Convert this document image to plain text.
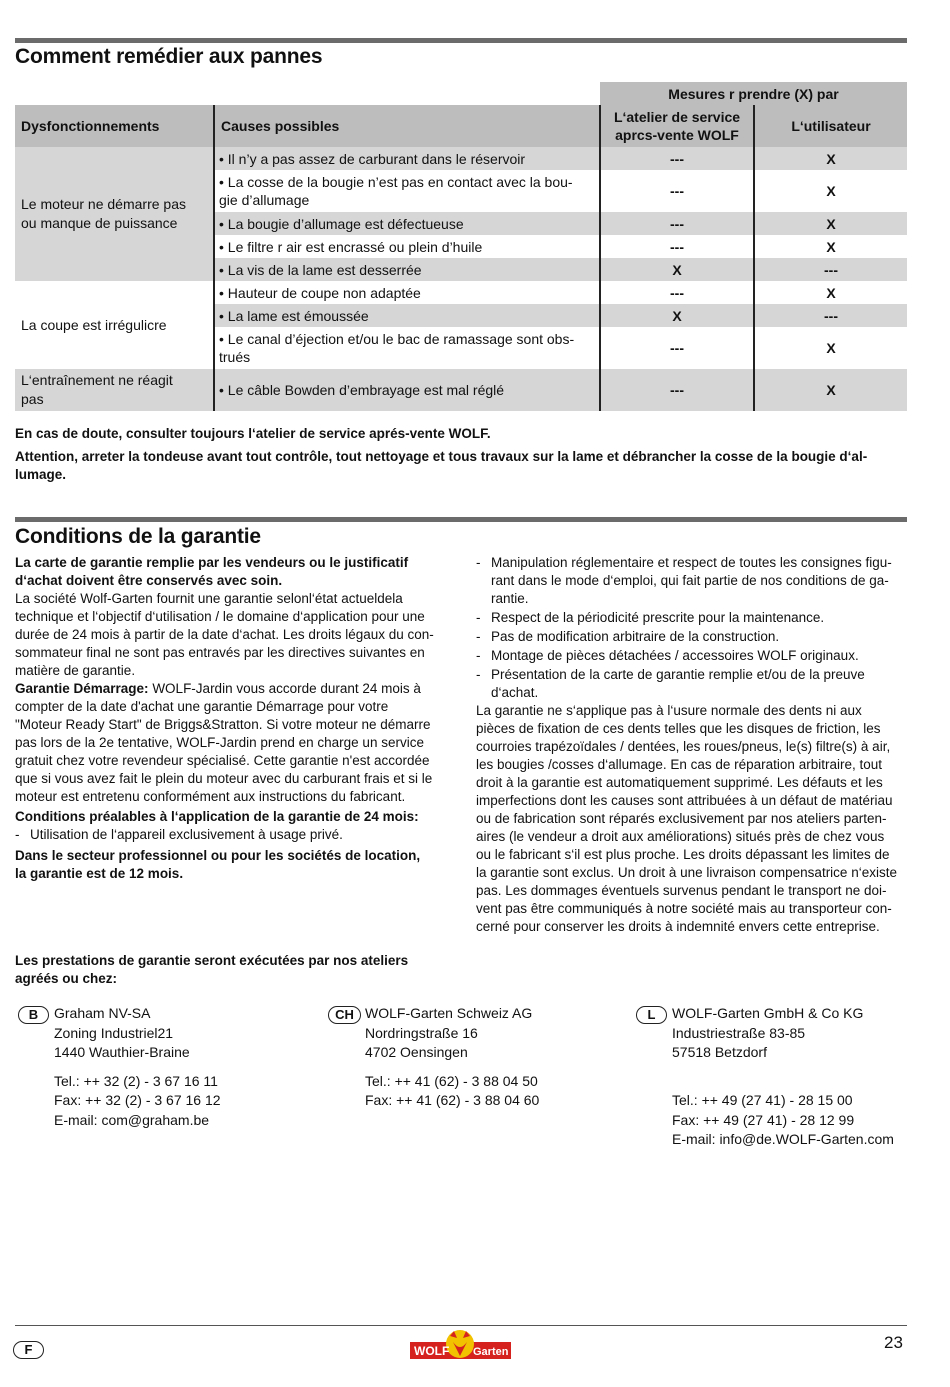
Comment remédier aux pannes
		Mesures r prendre (X) par	
Dysfonctionnements	Causes possibles	L‘atelier de service
aprcs-vente WOLF	L‘utilisateur
Le moteur ne démarre pas
ou manque de puissance	• Il n’y a pas assez de carburant dans le réservoir	---	X
	• La cosse de la bougie n’est pas en contact avec la bou-
gie d’allumage	---	X
	• La bougie d’allumage est défectueuse	---	X
	• Le filtre r air est encrassé ou plein d’huile	---	X
	• La vis de la lame est desserrée	X	---

La coupe est irrégulicre	• Hauteur de coupe non adaptée	---	X
	• La lame est émoussée	X	---
	• Le canal d’éjection et/ou le bac de ramassage sont obs-
trués	---	X
L‘entraînement ne réagit
pas	• Le câble Bowden d’embrayage est mal réglé	---	X

En cas de doute, consulter toujours l‘atelier de service aprés-vente WOLF.

Attention, arreter la tondeuse avant tout contrôle, tout nettoyage et tous travaux sur la lame et débrancher la cosse de la bougie d‘al-
lumage.

Conditions de la garantie

La carte de garantie remplie par les vendeurs ou le justificatif
d‘achat doivent être conservés avec soin.

La société Wolf-Garten fournit une garantie selonl‘état actueldela
technique et l‘objectif d‘utilisation / le domaine d‘application pour une
durée de 24 mois à partir de la date d‘achat. Les droits légaux du con-
sommateur final ne sont pas entravés par les directives suivantes en
matière de garantie.

Garantie Démarrage: WOLF-Jardin vous accorde durant 24 mois à
compter de la date d'achat une garantie Démarrage pour votre
"Moteur Ready Start" de Briggs&Stratton. Si votre moteur ne démarre
pas lors de la 2e tentative, WOLF-Jardin prend en charge un service
gratuit chez votre revendeur spécialisé. Cette garantie n'est accordée
que si vous avez fait le plein du moteur avec du carburant frais et si le
moteur est entretenu conformément aux instructions du fabricant.

Conditions préalables à l‘application de la garantie de 24 mois:

- Utilisation de l‘appareil exclusivement à usage privé.

Dans le secteur professionnel ou pour les sociétés de location,
la garantie est de 12 mois.

- Manipulation réglementaire et respect de toutes les consignes figu-
rant dans le mode d‘emploi, qui fait partie de nos conditions de ga-
rantie.
- Respect de la périodicité prescrite pour la maintenance.
- Pas de modification arbitraire de la construction.
- Montage de pièces détachées / accessoires WOLF originaux.
- Présentation de la carte de garantie remplie et/ou de la preuve
d‘achat.

La garantie ne s‘applique pas à l‘usure normale des dents ni aux
pièces de fixation de ces dents telles que les disques de friction, les
courroies trapézoïdales / dentées, les roues/pneus, le(s) filtre(s) à air,
les bougies /cosses d‘allumage. En cas de réparation arbitraire, tout
droit à la garantie est automatiquement supprimé. Les défauts et les
imperfections dont les causes sont attribuées à un défaut de matériau
ou de fabrication sont réparés exclusivement par nos ateliers parten-
aires (le vendeur a droit aux améliorations) situés près de chez vous
ou le fabricant s‘il est plus proche. Les droits dépassant les limites de
la garantie sont exclus. Un droit à une livraison compensatrice n‘existe
pas. Les dommages éventuels survenus pendant le transport ne doi-
vent pas être communiqués à notre société mais au transporteur con-
cerné pour conserver les droits à indemnité envers cette entreprise.

Les prestations de garantie seront exécutées par nos ateliers
agréés ou chez:
B	Graham NV-SA
Zoning Industriel21
1440 Wauthier-Braine

Tel.: ++ 32 (2) - 3 67 16 11
Fax: ++ 32 (2) - 3 67 16 12
E-mail: com@graham.be
CH WOLF-Garten Schweiz AG
Nordringstraße 16
4702 Oensingen

Tel.: ++ 41 (62) - 3 88 04 50
Fax: ++ 41 (62) - 3 88 04 60
L	WOLF-Garten GmbH & Co KG
Industriestraße 83-85
57518 Betzdorf

Tel.: ++ 49 (27 41) - 28 15 00
Fax: ++ 49 (27 41) - 28 12 99
E-mail: info@de.WOLF-Garten.com
F	WOLF Garten	23
